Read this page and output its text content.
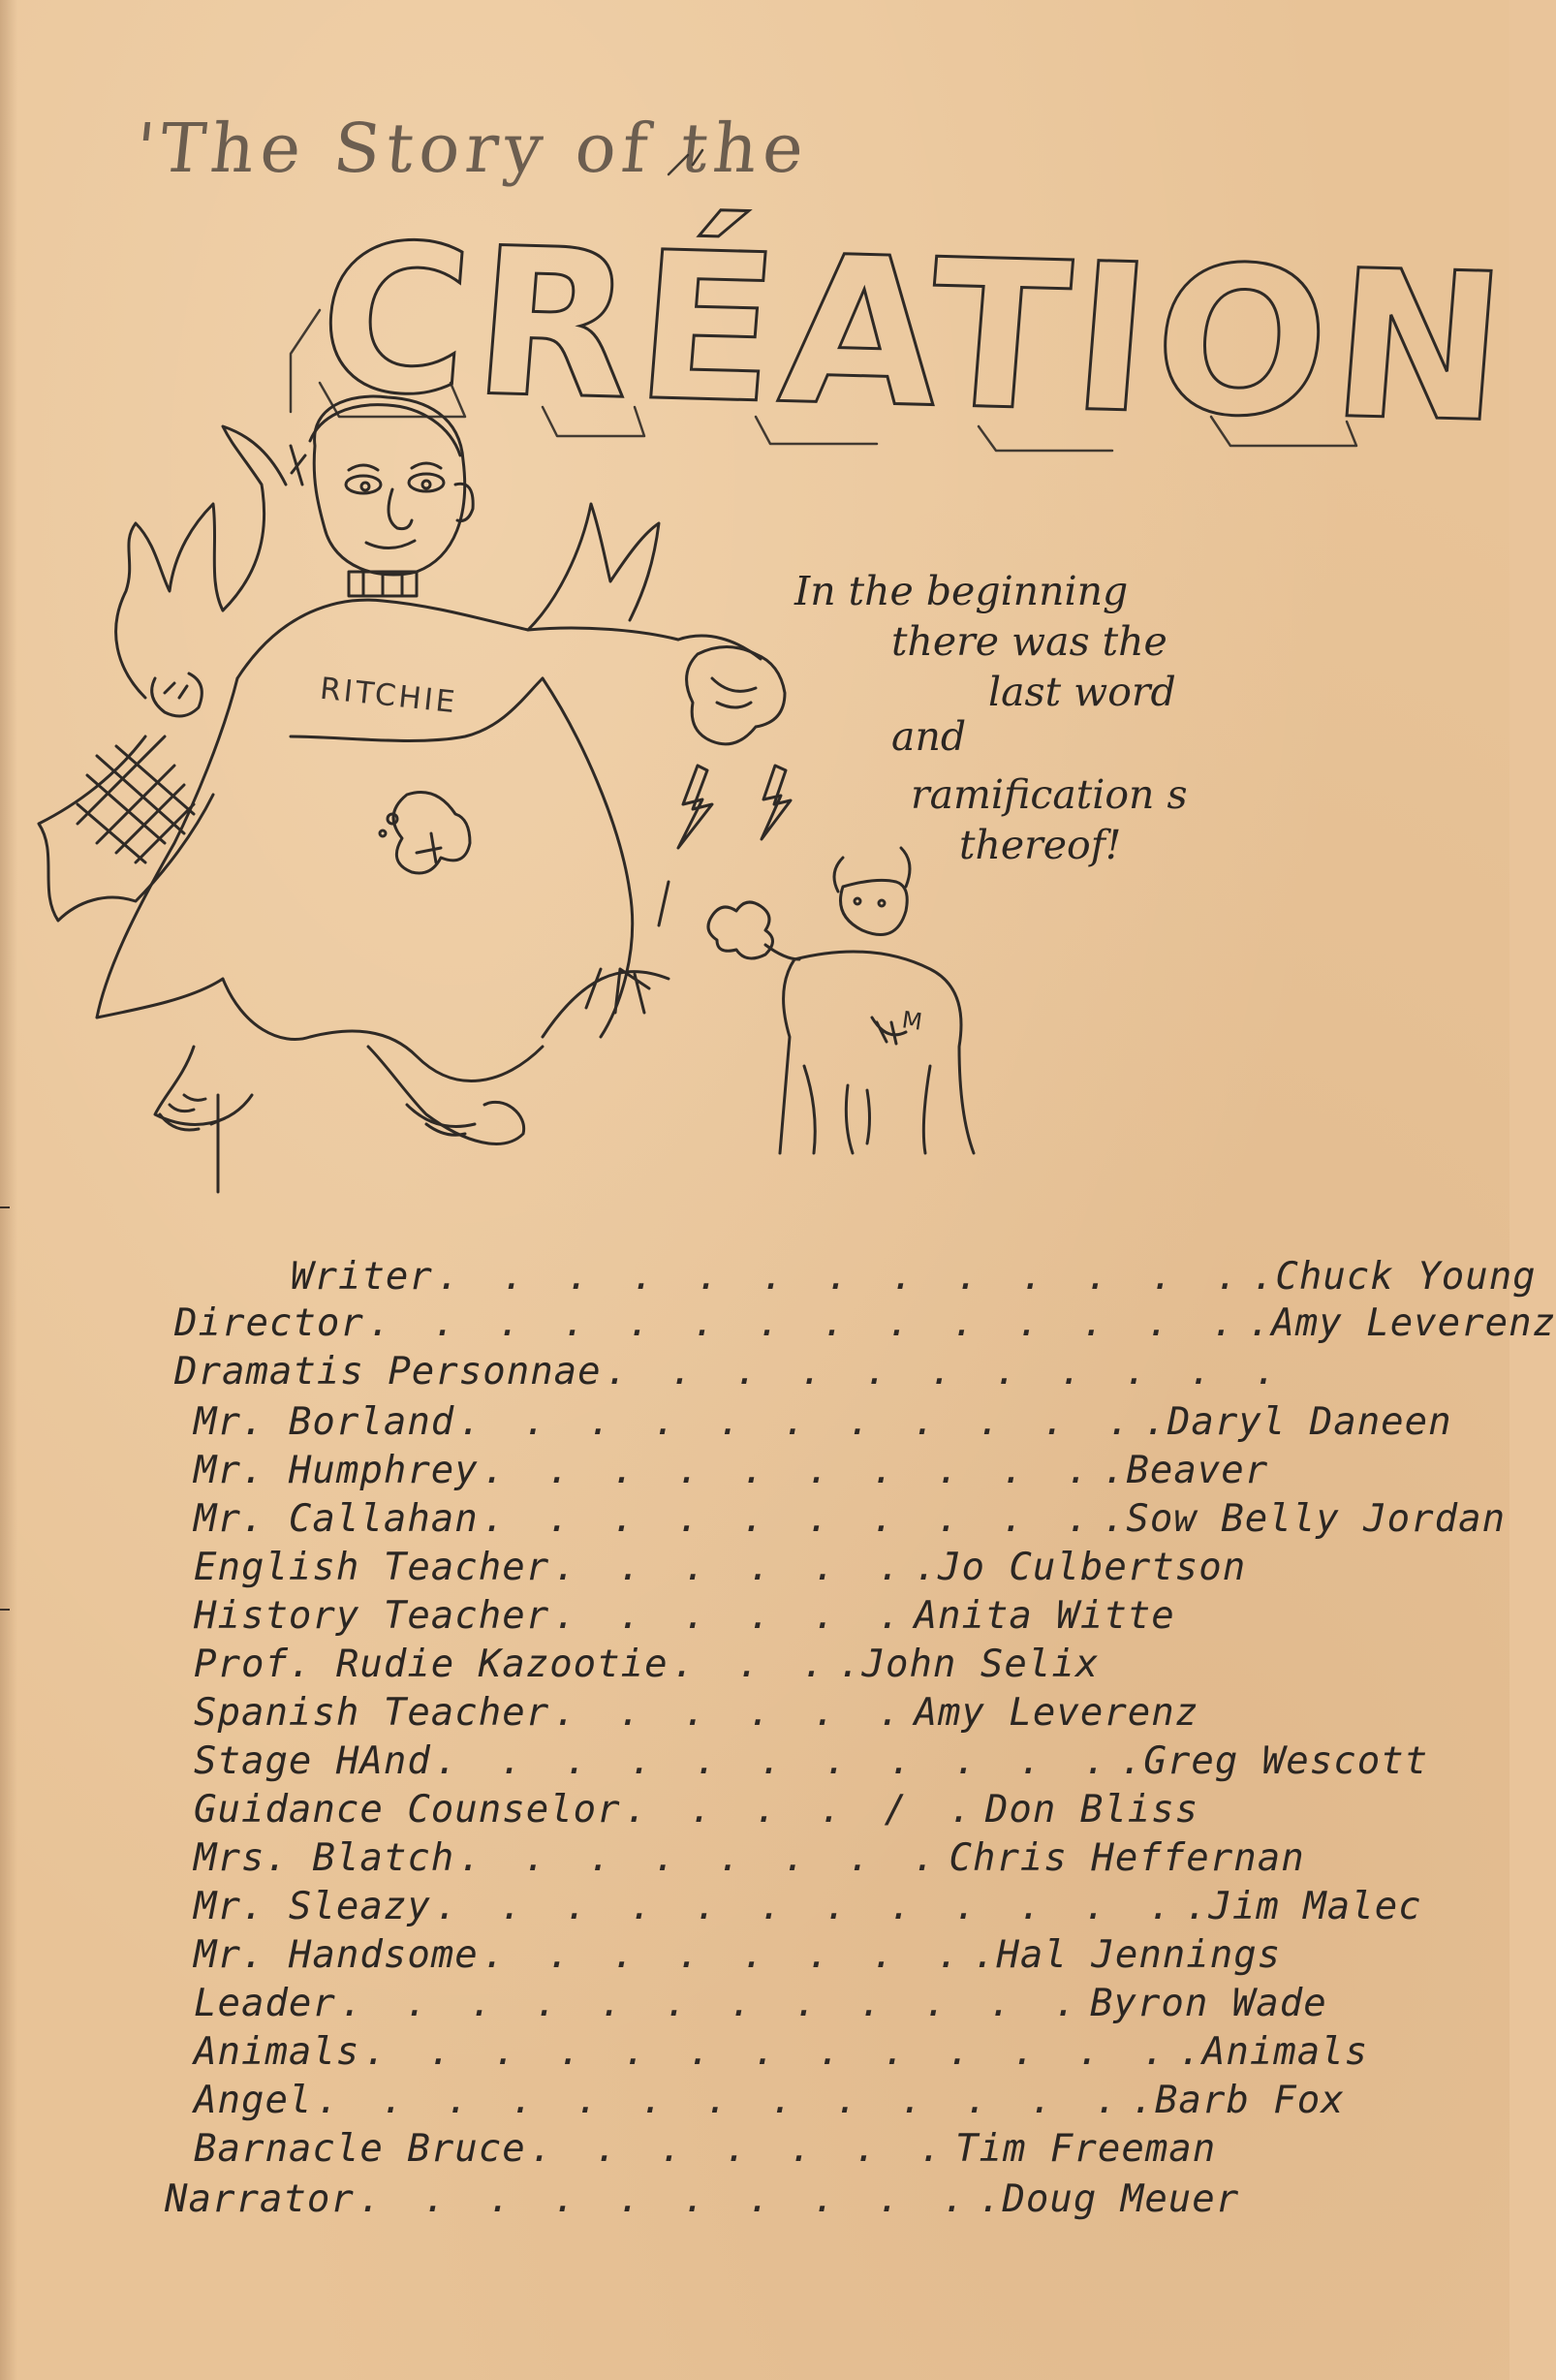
M
'The Story of the
CRÉATION
RITCHIE
In the beginning
there was the
last word
and
ramification s
thereof!
Writer . . . . . . . . . . . . . .Chuck Young
Director . . . . . . . . . . . . . . .Amy Leverenz
Dramatis Personnae . . . . . . . . . . .
Mr. Borland . . . . . . . . . . . .Daryl Daneen
Mr. Humphrey . . . . . . . . . . .Beaver
Mr. Callahan . . . . . . . . . . .Sow Belly Jordan
English Teacher . . . . . . .Jo Culbertson
History Teacher . . . . . . Anita Witte
Prof. Rudie Kazootie . . . .John Selix
Spanish Teacher . . . . . . Amy Leverenz
Stage HAnd . . . . . . . . . . . .Greg Wescott
Guidance Counselor . . . . / . Don Bliss
Mrs. Blatch . . . . . . . . Chris Heffernan
Mr. Sleazy . . . . . . . . . . . . .Jim Malec
Mr. Handsome . . . . . . . . .Hal Jennings
Leader . . . . . . . . . . . . Byron Wade
Animals . . . . . . . . . . . . . .Animals
Angel . . . . . . . . . . . . . .Barb Fox
Barnacle Bruce . . . . . . . Tim Freeman
Narrator . . . . . . . . . . .Doug Meuer
